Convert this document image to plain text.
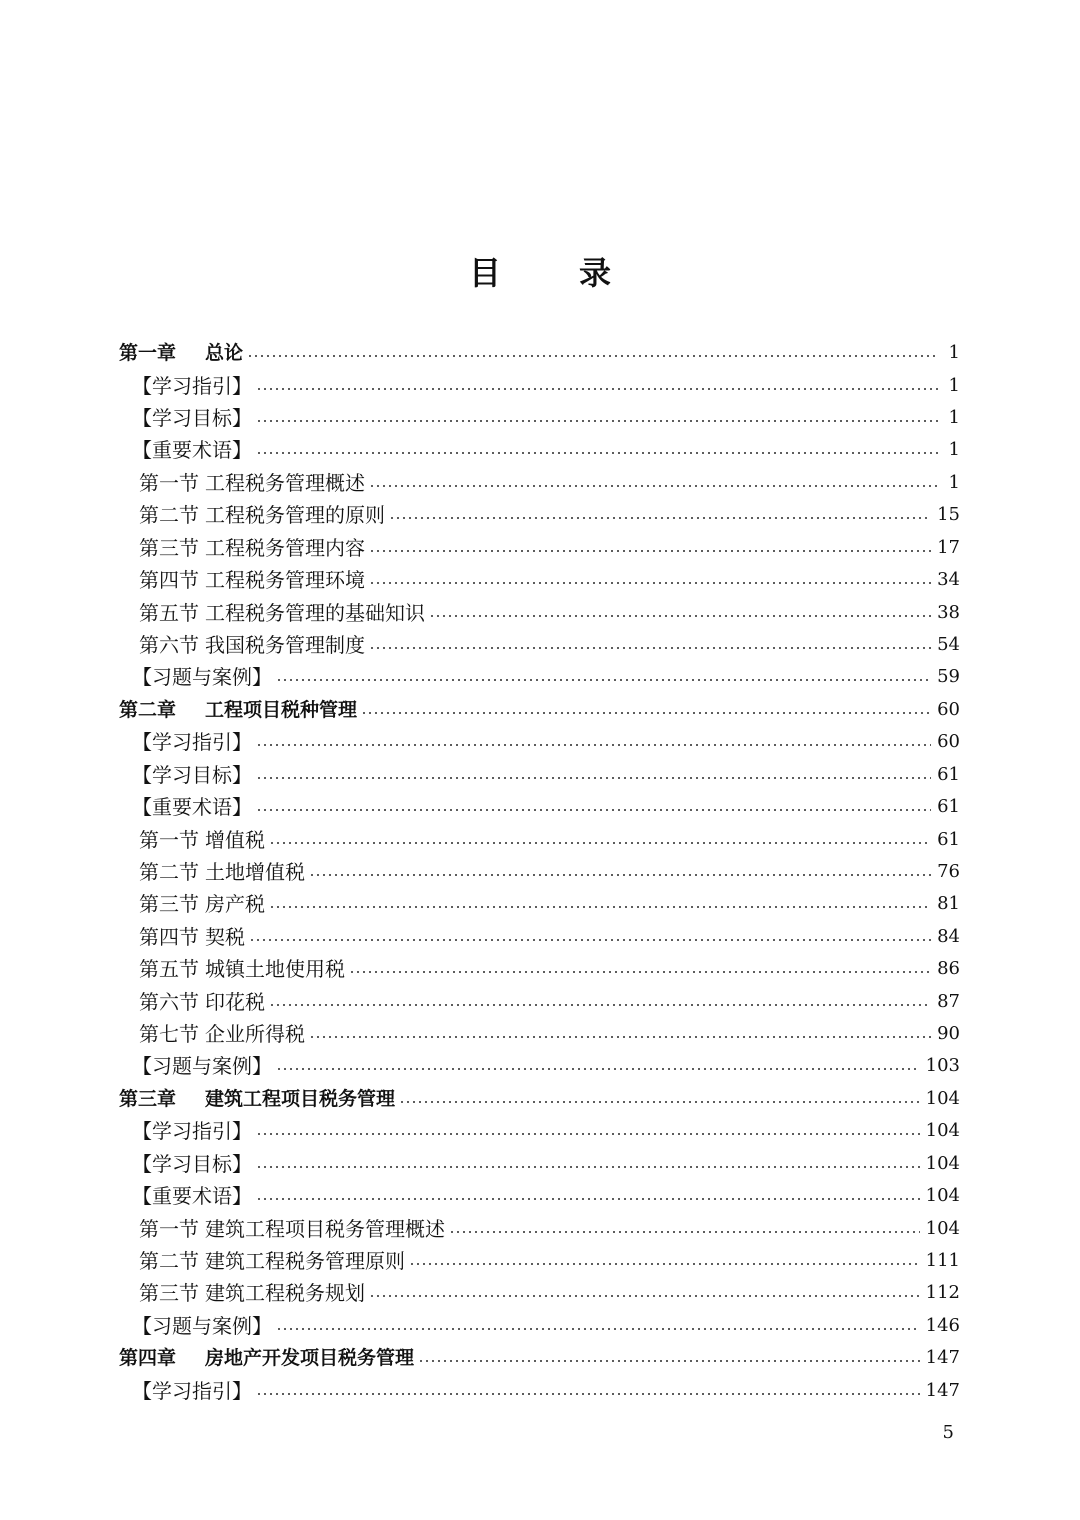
目 录
第一章 总论	1
【学习指引】	1
【学习目标】	1
【重要术语】	1
第一节 工程税务管理概述	1
第二节 工程税务管理的原则	15
第三节 工程税务管理内容	17
第四节 工程税务管理环境	34
第五节 工程税务管理的基础知识	38
第六节 我国税务管理制度	54
【习题与案例】	59
第二章 工程项目税种管理	60
【学习指引】	60
【学习目标】	61
【重要术语】	61
第一节 增值税	61
第二节 土地增值税	76
第三节 房产税	81
第四节 契税	84
第五节 城镇土地使用税	86
第六节 印花税	87
第七节 企业所得税	90
【习题与案例】	103
第三章 建筑工程项目税务管理	104
【学习指引】	104
【学习目标】	104
【重要术语】	104
第一节 建筑工程项目税务管理概述	104
第二节 建筑工程税务管理原则	111
第三节 建筑工程税务规划	112
【习题与案例】	146
第四章 房地产开发项目税务管理	147
【学习指引】	147
5
